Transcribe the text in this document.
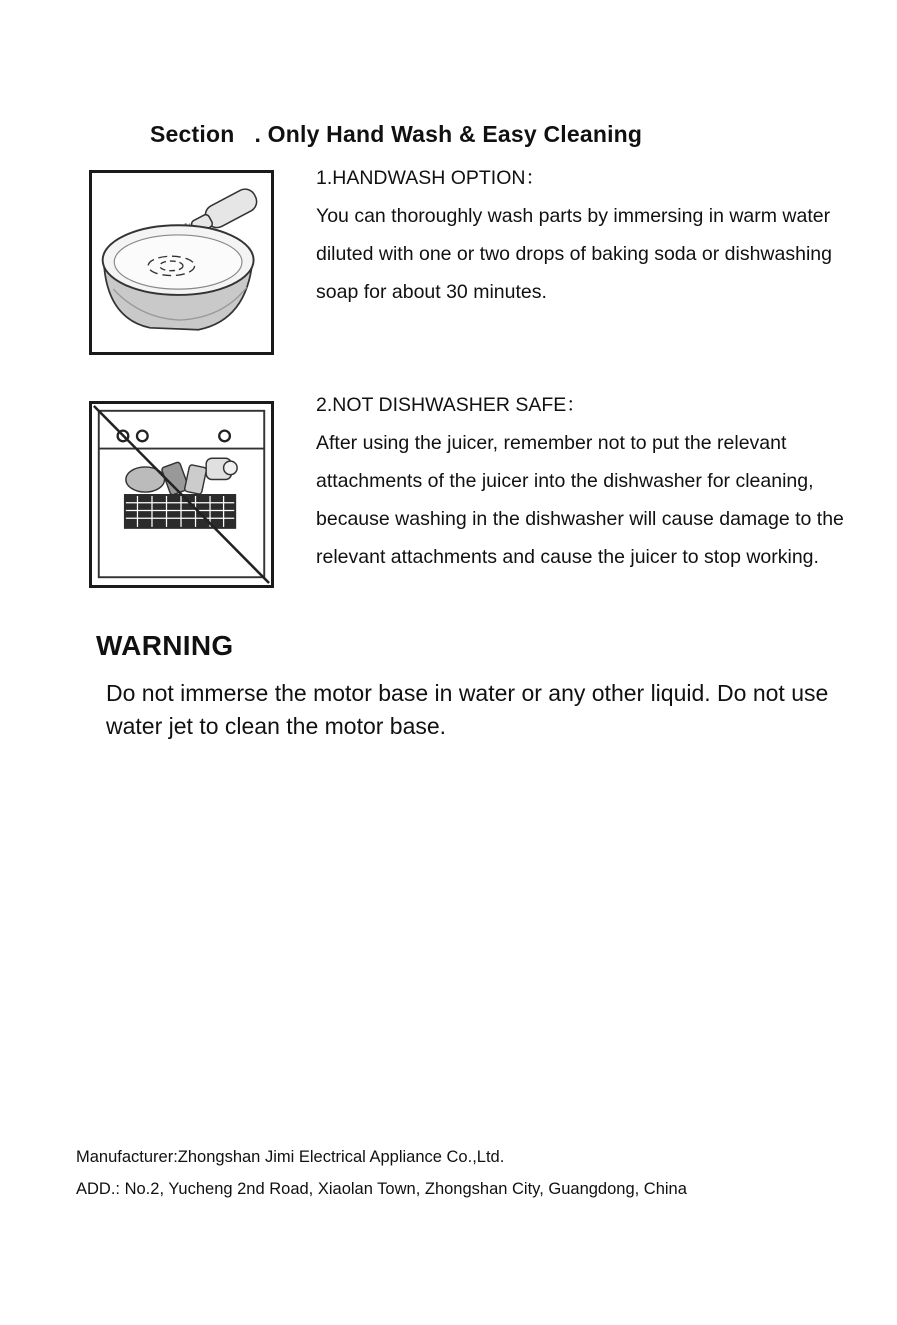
Section . Only Hand Wash & Easy Cleaning
1.HANDWASH OPTION：
You can thoroughly wash parts by immersing in warm water diluted with one or two drops of baking soda or dishwashing soap for about 30 minutes.
2.NOT DISHWASHER SAFE：
After using the juicer, remember not to put the relevant attachments of the juicer into the dishwasher for cleaning, because washing in the dishwasher will cause damage to the relevant attachments and cause the juicer to stop working.
WARNING
Do not immerse the motor base in water or any other liquid. Do not use water jet to clean the motor base.
Manufacturer:Zhongshan Jimi Electrical Appliance Co.,Ltd.
ADD.: No.2, Yucheng 2nd Road, Xiaolan Town, Zhongshan City, Guangdong, China
